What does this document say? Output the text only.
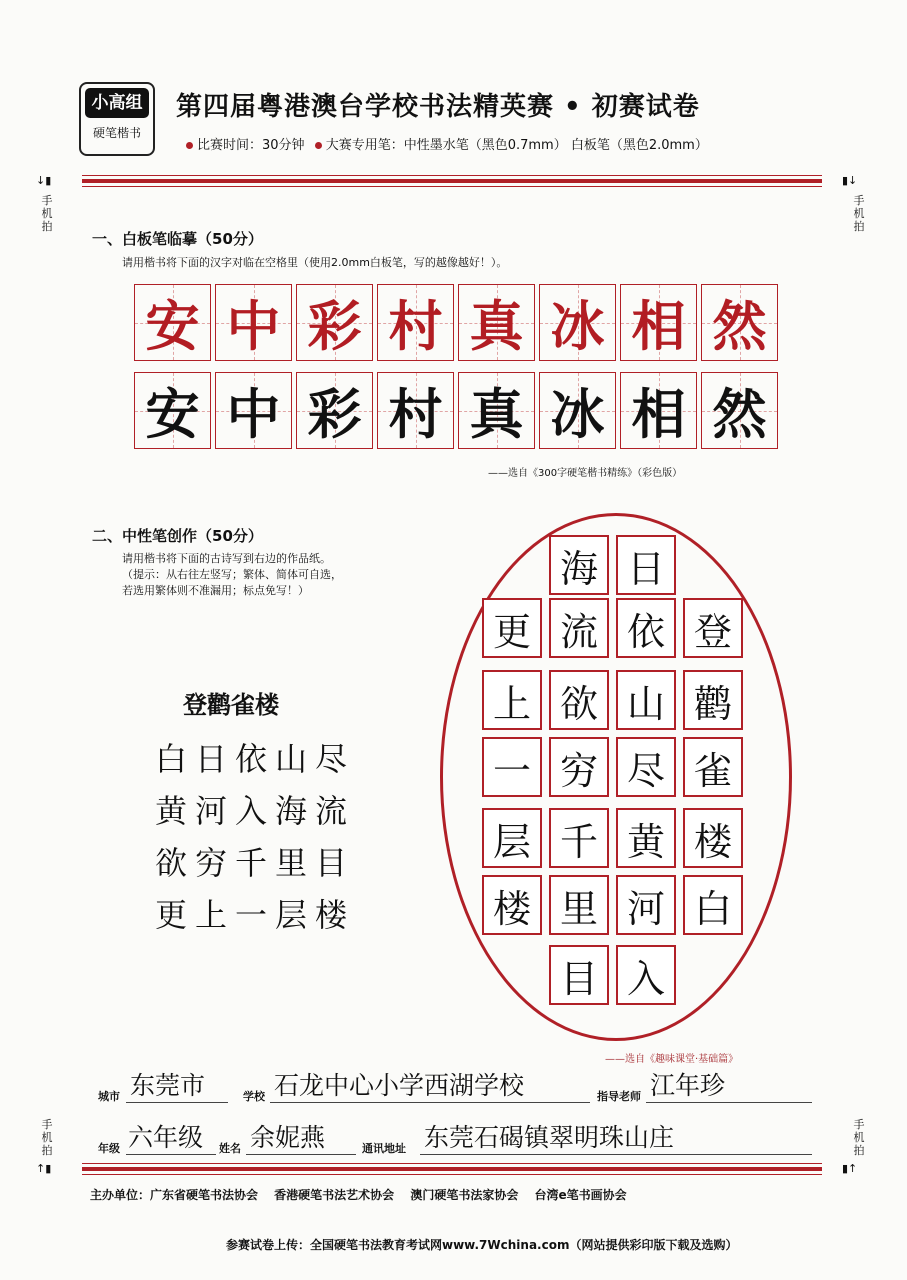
小高组
硬笔楷书
第四届粤港澳台学校书法精英赛 • 初赛试卷
比赛时间：30分钟 大赛专用笔：中性墨水笔（黑色0.7mm） 白板笔（黑色2.0mm）
↓▮	▮↓
手
机
拍
手
机
拍
一、白板笔临摹（50分）
请用楷书将下面的汉字对临在空格里（使用2.0mm白板笔，写的越像越好！）。
安 中 彩 村 真 冰 相 然
安 中 彩 村 真 冰 相 然
——选自《300字硬笔楷书精练》（彩色版）
二、中性笔创作（50分）
请用楷书将下面的古诗写到右边的作品纸。
（提示：从右往左竖写；繁体、简体可自选，
若选用繁体则不准漏用；标点免写！）
登鹳雀楼
白日依山尽
黄河入海流
欲穷千里目
更上一层楼
登
鹳
雀
楼
白
日
依
山
尽
黄
河
入
海
流
欲
穷
千
里
目
更
上
一
层
楼
——选自《趣味课堂·基础篇》
城市 东莞市	学校 石龙中心小学西湖学校	指导老师 江年珍
年级 六年级 姓名 余妮燕	通讯地址 东莞石碣镇翠明珠山庄
手
机
拍
手
机
拍
↑▮	▮↑
主办单位：广东省硬笔书法协会　 香港硬笔书法艺术协会　 澳门硬笔书法家协会　 台湾e笔书画协会
参赛试卷上传：全国硬笔书法教育考试网www.7Wchina.com（网站提供彩印版下载及选购）
